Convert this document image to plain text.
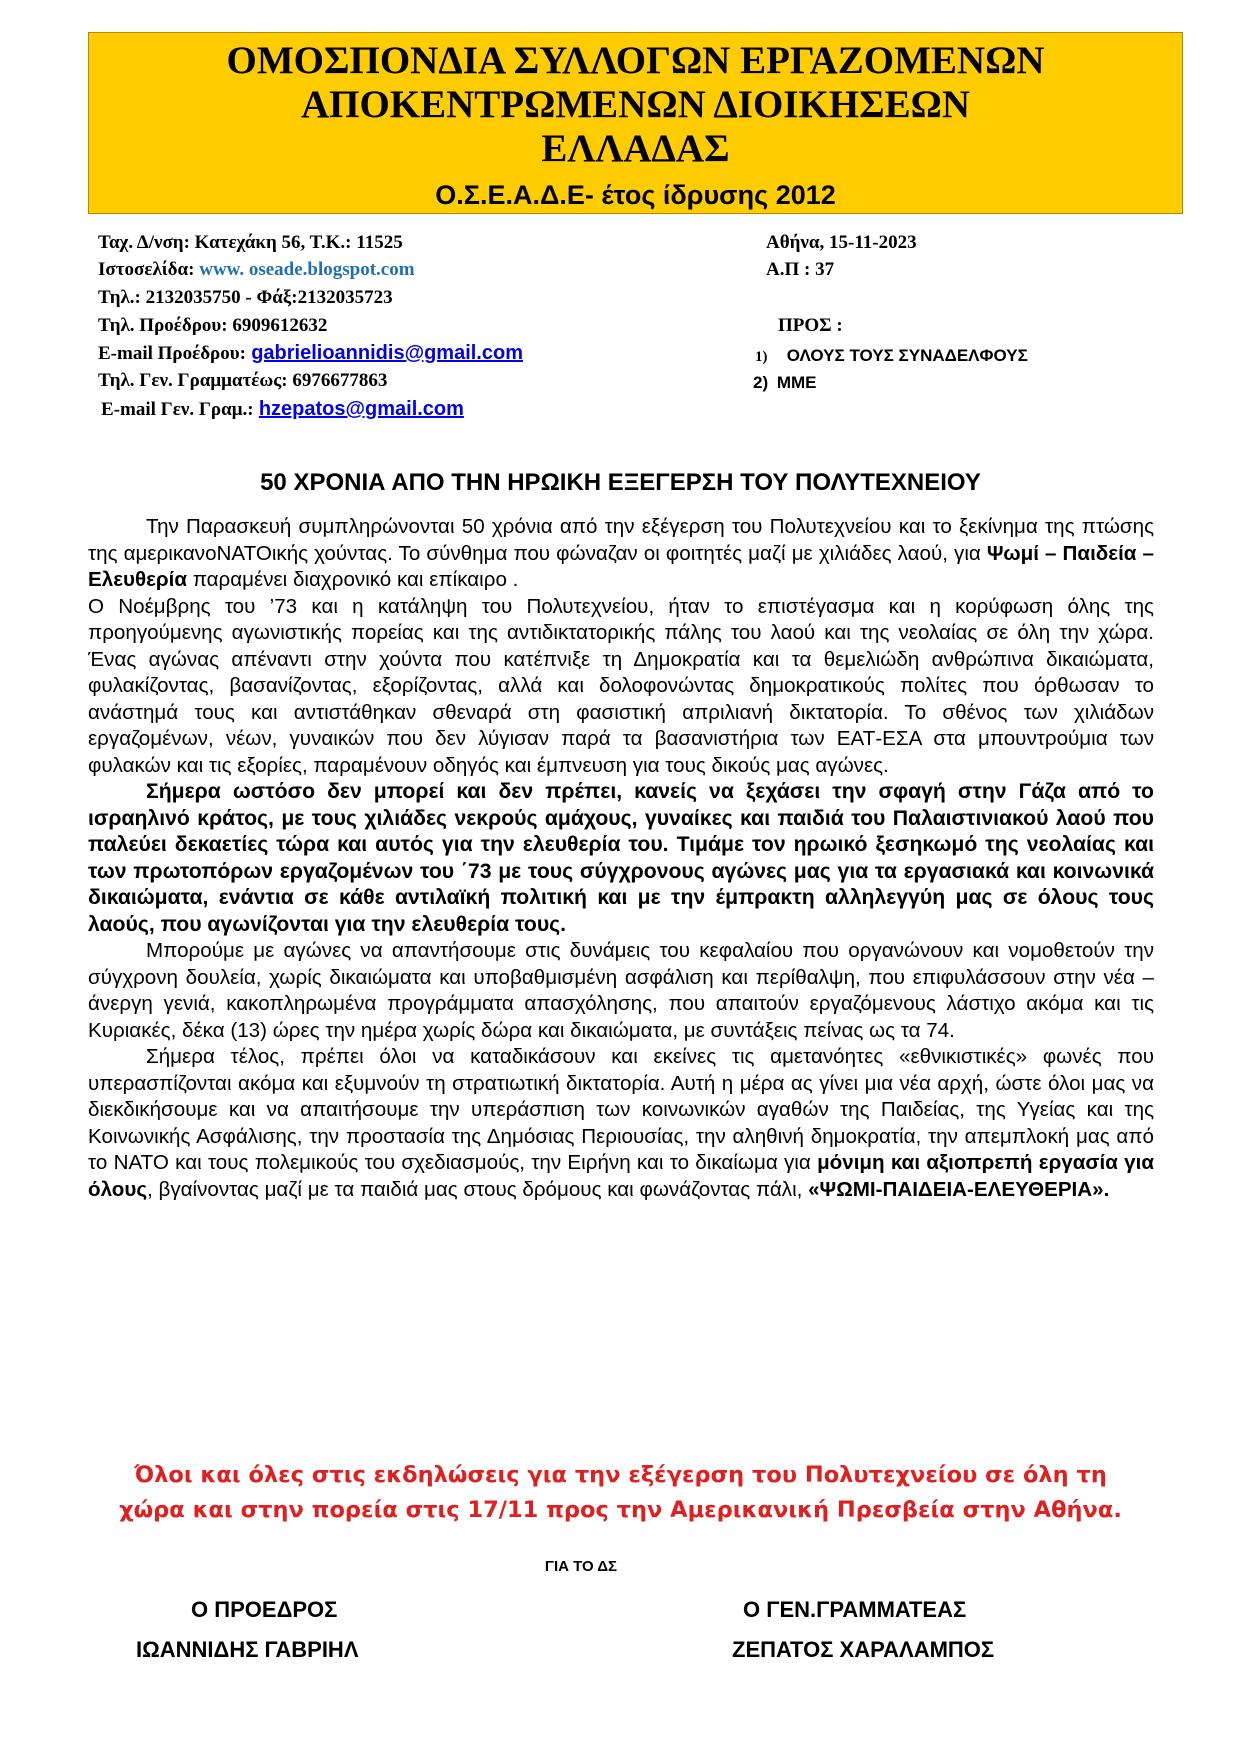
ΟΜΟΣΠΟΝΔΙΑ ΣΥΛΛΟΓΩΝ ΕΡΓΑΖΟΜΕΝΩΝ
ΑΠΟΚΕΝΤΡΩΜΕΝΩΝ ΔΙΟΙΚΗΣΕΩΝ
ΕΛΛΑΔΑΣ
Ο.Σ.Ε.Α.Δ.Ε- έτος ίδρυσης 2012
Ταχ. Δ/νση: Κατεχάκη 56, Τ.Κ.: 11525
Ιστοσελίδα: www. oseade.blogspot.com
Τηλ.: 2132035750 - Φάξ:2132035723
Τηλ. Προέδρου: 6909612632
E-mail Προέδρου: gabrielioannidis@gmail.com
Τηλ. Γεν. Γραμματέως: 6976677863
E-mail Γεν. Γραμ.: hzepatos@gmail.com
Αθήνα, 15-11-2023
Α.Π : 37
ΠΡΟΣ :
1) ΟΛΟΥΣ ΤΟΥΣ ΣΥΝΑΔΕΛΦΟΥΣ
2) ΜΜΕ
50 ΧΡΟΝΙΑ ΑΠΟ ΤΗΝ ΗΡΩΙΚΗ ΕΞΕΓΕΡΣΗ ΤΟΥ ΠΟΛΥΤΕΧΝΕΙΟΥ

Την Παρασκευή συμπληρώνονται 50 χρόνια από την εξέγερση του Πολυτεχνείου και το ξεκίνημα της πτώσης της αμερικανοΝΑΤΟικής χούντας. Το σύνθημα που φώναζαν οι φοιτητές μαζί με χιλιάδες λαού, για Ψωμί – Παιδεία – Ελευθερία παραμένει διαχρονικό και επίκαιρο .

Ο Νοέμβρης του ’73 και η κατάληψη του Πολυτεχνείου, ήταν το επιστέγασμα και η κορύφωση όλης της προηγούμενης αγωνιστικής πορείας και της αντιδικτατορικής πάλης του λαού και της νεολαίας σε όλη την χώρα. Ένας αγώνας απέναντι στην χούντα που κατέπνιξε τη Δημοκρατία και τα θεμελιώδη ανθρώπινα δικαιώματα, φυλακίζοντας, βασανίζοντας, εξορίζοντας, αλλά και δολοφονώντας δημοκρατικούς πολίτες που όρθωσαν το ανάστημά τους και αντιστάθηκαν σθεναρά στη φασιστική απριλιανή δικτατορία. Το σθένος των χιλιάδων εργαζομένων, νέων, γυναικών που δεν λύγισαν παρά τα βασανιστήρια των ΕΑΤ-ΕΣΑ στα μπουντρούμια των φυλακών και τις εξορίες, παραμένουν οδηγός και έμπνευση για τους δικούς μας αγώνες.

Σήμερα ωστόσο δεν μπορεί και δεν πρέπει, κανείς να ξεχάσει την σφαγή στην Γάζα από το ισραηλινό κράτος, με τους χιλιάδες νεκρούς αμάχους, γυναίκες και παιδιά του Παλαιστινιακού λαού που παλεύει δεκαετίες τώρα και αυτός για την ελευθερία του. Τιμάμε τον ηρωικό ξεσηκωμό της νεολαίας και των πρωτοπόρων εργαζομένων του ΄73 με τους σύγχρονους αγώνες μας για τα εργασιακά και κοινωνικά δικαιώματα, ενάντια σε κάθε αντιλαϊκή πολιτική και με την έμπρακτη αλληλεγγύη μας σε όλους τους λαούς, που αγωνίζονται για την ελευθερία τους.

Μπορούμε με αγώνες να απαντήσουμε στις δυνάμεις του κεφαλαίου που οργανώνουν και νομοθετούν την σύγχρονη δουλεία, χωρίς δικαιώματα και υποβαθμισμένη ασφάλιση και περίθαλψη, που επιφυλάσσουν στην νέα – άνεργη γενιά, κακοπληρωμένα προγράμματα απασχόλησης, που απαιτούν εργαζόμενους λάστιχο ακόμα και τις Κυριακές, δέκα (13) ώρες την ημέρα χωρίς δώρα και δικαιώματα, με συντάξεις πείνας ως τα 74.

Σήμερα τέλος, πρέπει όλοι να καταδικάσουν και εκείνες τις αμετανόητες «εθνικιστικές» φωνές που υπερασπίζονται ακόμα και εξυμνούν τη στρατιωτική δικτατορία. Αυτή η μέρα ας γίνει μια νέα αρχή, ώστε όλοι μας να διεκδικήσουμε και να απαιτήσουμε την υπεράσπιση των κοινωνικών αγαθών της Παιδείας, της Υγείας και της Κοινωνικής Ασφάλισης, την προστασία της Δημόσιας Περιουσίας, την αληθινή δημοκρατία, την απεμπλοκή μας από το ΝΑΤΟ και τους πολεμικούς του σχεδιασμούς, την Ειρήνη και το δικαίωμα για μόνιμη και αξιοπρεπή εργασία για όλους, βγαίνοντας μαζί με τα παιδιά μας στους δρόμους και φωνάζοντας πάλι, «ΨΩΜΙ-ΠΑΙΔΕΙΑ-ΕΛΕΥΘΕΡΙΑ».

Όλοι και όλες στις εκδηλώσεις για την εξέγερση του Πολυτεχνείου σε όλη τη
χώρα και στην πορεία στις 17/11 προς την Αμερικανική Πρεσβεία στην Αθήνα.
ΓΙΑ ΤΟ ΔΣ
Ο ΠΡΟΕΔΡΟΣ
ΙΩΑΝΝΙΔΗΣ ΓΑΒΡΙΗΛ
Ο ΓΕΝ.ΓΡΑΜΜΑΤΕΑΣ
ΖΕΠΑΤΟΣ ΧΑΡΑΛΑΜΠΟΣ
